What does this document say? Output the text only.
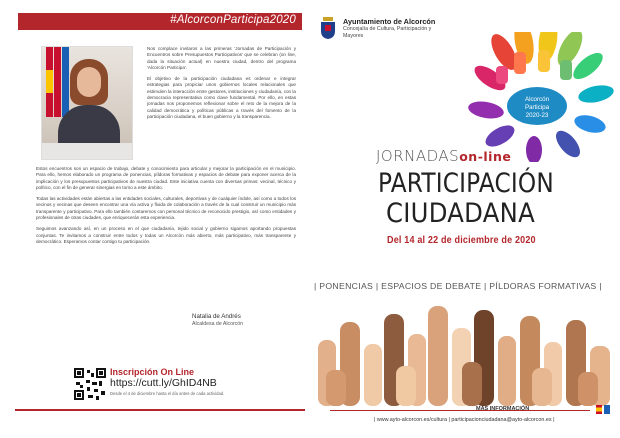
#AlcorconParticipa2020

Nos complace invitaros a las primeras 'Jornadas de Participación y Encuentros sobre Presupuestos Participativos' que se celebran (on line, dada la situación actual) en nuestra ciudad, dentro del programa 'Alcorcón Participa'.

El objetivo de la participación ciudadana es ordenar e integrar estrategias para propiciar unos gobiernos locales relacionales que estimulen la interacción entre gestores, instituciones y ciudadanía, con la democracia representativa como clave fundamental. Por ello, en estas jornadas nos proponemos reflexionar sobre el reto de la mejora de la calidad democrática y políticas públicas a través del fomento de la participación ciudadana, el buen gobierno y la transparencia.

Estos encuentros son un espacio de trabajo, debate y conocimiento para articular y mejorar la participación en el municipio. Para ello, hemos elaborado un programa de ponencias, píldoras formativas y espacios de debate para exponer acerca de la implicación y los presupuestos participativos de nuestra ciudad. Este iniciativa cuenta con diversas primas: vecinal, técnico y político, con el fin de generar sinergias en torno a este ámbito.

Todas las actividades están abiertas a las entidades sociales, culturales, deportivas y de cualquier índole, así como a todos los vecinos y vecinas que deseen encontrar una vía activa y fluida de colaboración a través de la cual construir un municipio más transparente y participativo. Para ello también contaremos con personal técnico de reconocido prestigio, así como entidades y profesionales de otras ciudades, que enriquecerán esta experiencia.

Seguimos avanzando así, en un proceso en el que ciudadanía, tejido social y gobierno sigamos aportando propuestas conjuntas. Te invitamos a construir entre todos y todas un Alcorcón más abierto, más participativo, más transparente y democrático. Esperamos contar contigo tu participación.

Natalia de Andrés
Alcaldesa de Alcorcón
Inscripción On Line
https://cutt.ly/GhID4NB
Desde el 4 de diciembre hasta el día antes de cada actividad.
Ayuntamiento de Alcorcón
Concejalía de Cultura, Participación y Mayores
Alcorcón
Participa
2020-23
JORNADASon-line
PARTICIPACIÓN
CIUDADANA
Del 14 al 22 de diciembre de 2020
| PONENCIAS | ESPACIOS DE DEBATE | PÍLDORAS FORMATIVAS |
MÁS INFORMACIÓN
| www.ayto-alcorcon.es/cultura | participacionciudadana@ayto-alcorcon.es |
